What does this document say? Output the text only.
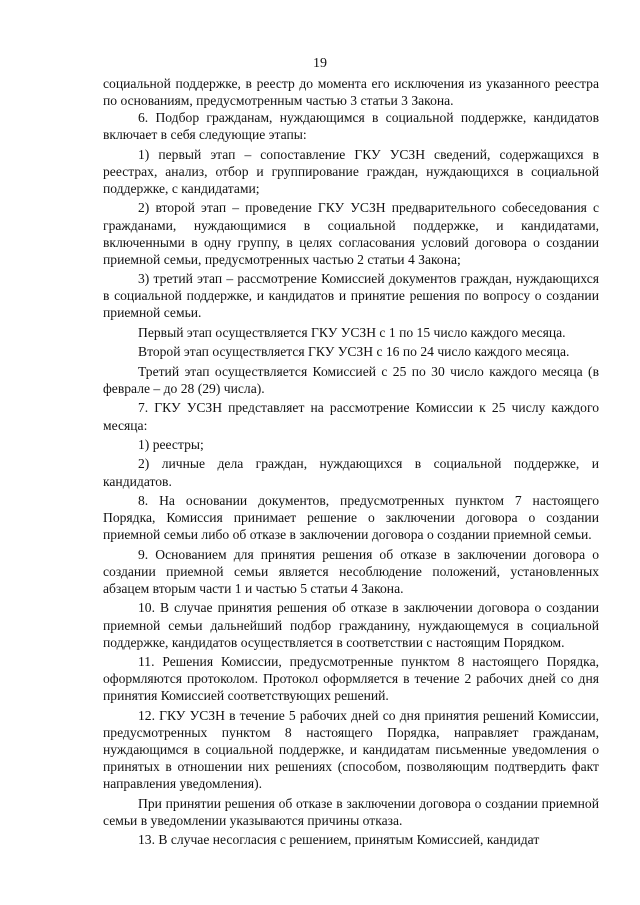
19

социальной поддержке, в реестр до момента его исключения из указанного реестра по основаниям, предусмотренным частью 3 статьи 3 Закона.

6. Подбор гражданам, нуждающимся в социальной поддержке, кандидатов включает в себя следующие этапы:

1) первый этап – сопоставление ГКУ УСЗН сведений, содержащихся в реестрах, анализ, отбор и группирование граждан, нуждающихся в социальной поддержке, с кандидатами;

2) второй этап – проведение ГКУ УСЗН предварительного собеседования с гражданами, нуждающимися в социальной поддержке, и кандидатами, включенными в одну группу, в целях согласования условий договора о создании приемной семьи, предусмотренных частью 2 статьи 4 Закона;

3) третий этап – рассмотрение Комиссией документов граждан, нуждающихся в социальной поддержке, и кандидатов и принятие решения по вопросу о создании приемной семьи.

Первый этап осуществляется ГКУ УСЗН с 1 по 15 число каждого месяца.

Второй этап осуществляется ГКУ УСЗН с 16 по 24 число каждого месяца.

Третий этап осуществляется Комиссией с 25 по 30 число каждого месяца (в феврале – до 28 (29) числа).

7. ГКУ УСЗН представляет на рассмотрение Комиссии к 25 числу каждого месяца:

1) реестры;

2) личные дела граждан, нуждающихся в социальной поддержке, и кандидатов.

8. На основании документов, предусмотренных пунктом 7 настоящего Порядка, Комиссия принимает решение о заключении договора о создании приемной семьи либо об отказе в заключении договора о создании приемной семьи.

9. Основанием для принятия решения об отказе в заключении договора о создании приемной семьи является несоблюдение положений, установленных абзацем вторым части 1 и частью 5 статьи 4 Закона.

10. В случае принятия решения об отказе в заключении договора о создании приемной семьи дальнейший подбор гражданину, нуждающемуся в социальной поддержке, кандидатов осуществляется в соответствии с настоящим Порядком.

11. Решения Комиссии, предусмотренные пунктом 8 настоящего Порядка, оформляются протоколом. Протокол оформляется в течение 2 рабочих дней со дня принятия Комиссией соответствующих решений.

12. ГКУ УСЗН в течение 5 рабочих дней со дня принятия решений Комиссии, предусмотренных пунктом 8 настоящего Порядка, направляет гражданам, нуждающимся в социальной поддержке, и кандидатам письменные уведомления о принятых в отношении них решениях (способом, позволяющим подтвердить факт направления уведомления).

При принятии решения об отказе в заключении договора о создании приемной семьи в уведомлении указываются причины отказа.

13. В случае несогласия с решением, принятым Комиссией, кандидат
